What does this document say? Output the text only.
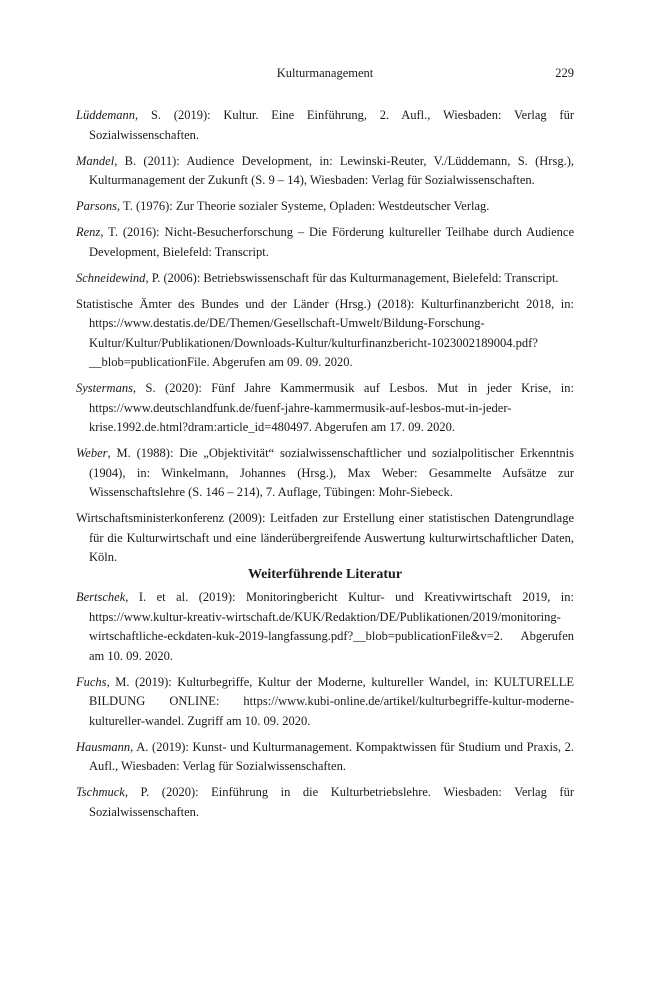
Kulturmanagement	229

Lüddemann, S. (2019): Kultur. Eine Einführung, 2. Aufl., Wiesbaden: Verlag für Sozialwissenschaften.

Mandel, B. (2011): Audience Development, in: Lewinski-Reuter, V./Lüddemann, S. (Hrsg.), Kulturmanagement der Zukunft (S. 9 – 14), Wiesbaden: Verlag für Sozialwissenschaften.

Parsons, T. (1976): Zur Theorie sozialer Systeme, Opladen: Westdeutscher Verlag.

Renz, T. (2016): Nicht-Besucherforschung – Die Förderung kultureller Teilhabe durch Audience Development, Bielefeld: Transcript.

Schneidewind, P. (2006): Betriebswissenschaft für das Kulturmanagement, Bielefeld: Transcript.

Statistische Ämter des Bundes und der Länder (Hrsg.) (2018): Kulturfinanzbericht 2018, in: https://www.destatis.de/DE/Themen/Gesellschaft-Umwelt/Bildung-Forschung-Kultur/Kultur/Publikationen/Downloads-Kultur/kulturfinanzbericht-1023002189004.pdf?__blob=publicationFile. Abgerufen am 09. 09. 2020.

Systermans, S. (2020): Fünf Jahre Kammermusik auf Lesbos. Mut in jeder Krise, in: https://www.deutschlandfunk.de/fuenf-jahre-kammermusik-auf-lesbos-mut-in-jeder-krise.1992.de.html?dram:article_id=480497. Abgerufen am 17. 09. 2020.

Weber, M. (1988): Die „Objektivität“ sozialwissenschaftlicher und sozialpolitischer Erkenntnis (1904), in: Winkelmann, Johannes (Hrsg.), Max Weber: Gesammelte Aufsätze zur Wissenschaftslehre (S. 146 – 214), 7. Auflage, Tübingen: Mohr-Siebeck.

Wirtschaftsministerkonferenz (2009): Leitfaden zur Erstellung einer statistischen Datengrundlage für die Kulturwirtschaft und eine länderübergreifende Auswertung kulturwirtschaftlicher Daten, Köln.

Weiterführende Literatur

Bertschek, I. et al. (2019): Monitoringbericht Kultur- und Kreativwirtschaft 2019, in: https://www.kultur-kreativ-wirtschaft.de/KUK/Redaktion/DE/Publikationen/2019/monitoring-wirtschaftliche-eckdaten-kuk-2019-langfassung.pdf?__blob=publicationFile&v=2. Abgerufen am 10. 09. 2020.

Fuchs, M. (2019): Kulturbegriffe, Kultur der Moderne, kultureller Wandel, in: KULTURELLE BILDUNG ONLINE: https://www.kubi-online.de/artikel/kulturbegriffe-kultur-moderne-kultureller-wandel. Zugriff am 10. 09. 2020.

Hausmann, A. (2019): Kunst- und Kulturmanagement. Kompaktwissen für Studium und Praxis, 2. Aufl., Wiesbaden: Verlag für Sozialwissenschaften.

Tschmuck, P. (2020): Einführung in die Kulturbetriebslehre. Wiesbaden: Verlag für Sozialwissenschaften.
